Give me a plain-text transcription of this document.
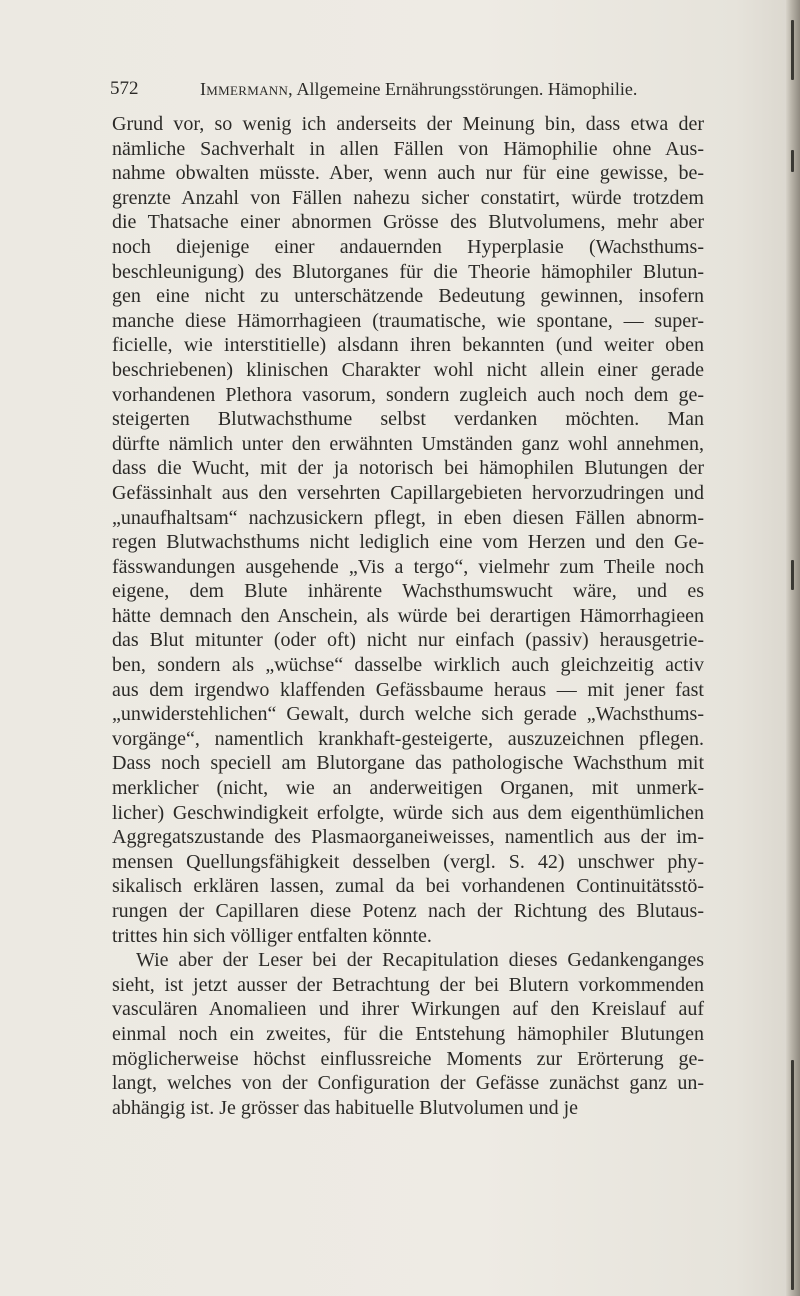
572	Immermann, Allgemeine Ernährungsstörungen. Hämophilie.
Grund vor, so wenig ich anderseits der Meinung bin, dass etwa der
nämliche Sachverhalt in allen Fällen von Hämophilie ohne Aus-
nahme obwalten müsste. Aber, wenn auch nur für eine gewisse, be-
grenzte Anzahl von Fällen nahezu sicher constatirt, würde trotzdem
die Thatsache einer abnormen Grösse des Blutvolumens, mehr aber
noch diejenige einer andauernden Hyperplasie (Wachsthums-
beschleunigung) des Blutorganes für die Theorie hämophiler Blutun-
gen eine nicht zu unterschätzende Bedeutung gewinnen, insofern
manche diese Hämorrhagieen (traumatische, wie spontane, — super-
ficielle, wie interstitielle) alsdann ihren bekannten (und weiter oben
beschriebenen) klinischen Charakter wohl nicht allein einer gerade
vorhandenen Plethora vasorum, sondern zugleich auch noch dem ge-
steigerten Blutwachsthume selbst verdanken möchten. Man
dürfte nämlich unter den erwähnten Umständen ganz wohl annehmen,
dass die Wucht, mit der ja notorisch bei hämophilen Blutungen der
Gefässinhalt aus den versehrten Capillargebieten hervorzudringen und
„unaufhaltsam“ nachzusickern pflegt, in eben diesen Fällen abnorm-
regen Blutwachsthums nicht lediglich eine vom Herzen und den Ge-
fässwandungen ausgehende „Vis a tergo“, vielmehr zum Theile noch
eigene, dem Blute inhärente Wachsthumswucht wäre, und es
hätte demnach den Anschein, als würde bei derartigen Hämorrhagieen
das Blut mitunter (oder oft) nicht nur einfach (passiv) herausgetrie-
ben, sondern als „wüchse“ dasselbe wirklich auch gleichzeitig activ
aus dem irgendwo klaffenden Gefässbaume heraus — mit jener fast
„unwiderstehlichen“ Gewalt, durch welche sich gerade „Wachsthums-
vorgänge“, namentlich krankhaft-gesteigerte, auszuzeichnen pflegen.
Dass noch speciell am Blutorgane das pathologische Wachsthum mit
merklicher (nicht, wie an anderweitigen Organen, mit unmerk-
licher) Geschwindigkeit erfolgte, würde sich aus dem eigenthümlichen
Aggregatszustande des Plasmaorganeiweisses, namentlich aus der im-
mensen Quellungsfähigkeit desselben (vergl. S. 42) unschwer phy-
sikalisch erklären lassen, zumal da bei vorhandenen Continuitätsstö-
rungen der Capillaren diese Potenz nach der Richtung des Blutaus-
trittes hin sich völliger entfalten könnte.
Wie aber der Leser bei der Recapitulation dieses Gedankenganges
sieht, ist jetzt ausser der Betrachtung der bei Blutern vorkommenden
vasculären Anomalieen und ihrer Wirkungen auf den Kreislauf auf
einmal noch ein zweites, für die Entstehung hämophiler Blutungen
möglicherweise höchst einflussreiche Moments zur Erörterung ge-
langt, welches von der Configuration der Gefässe zunächst ganz un-
abhängig ist. Je grösser das habituelle Blutvolumen und je
